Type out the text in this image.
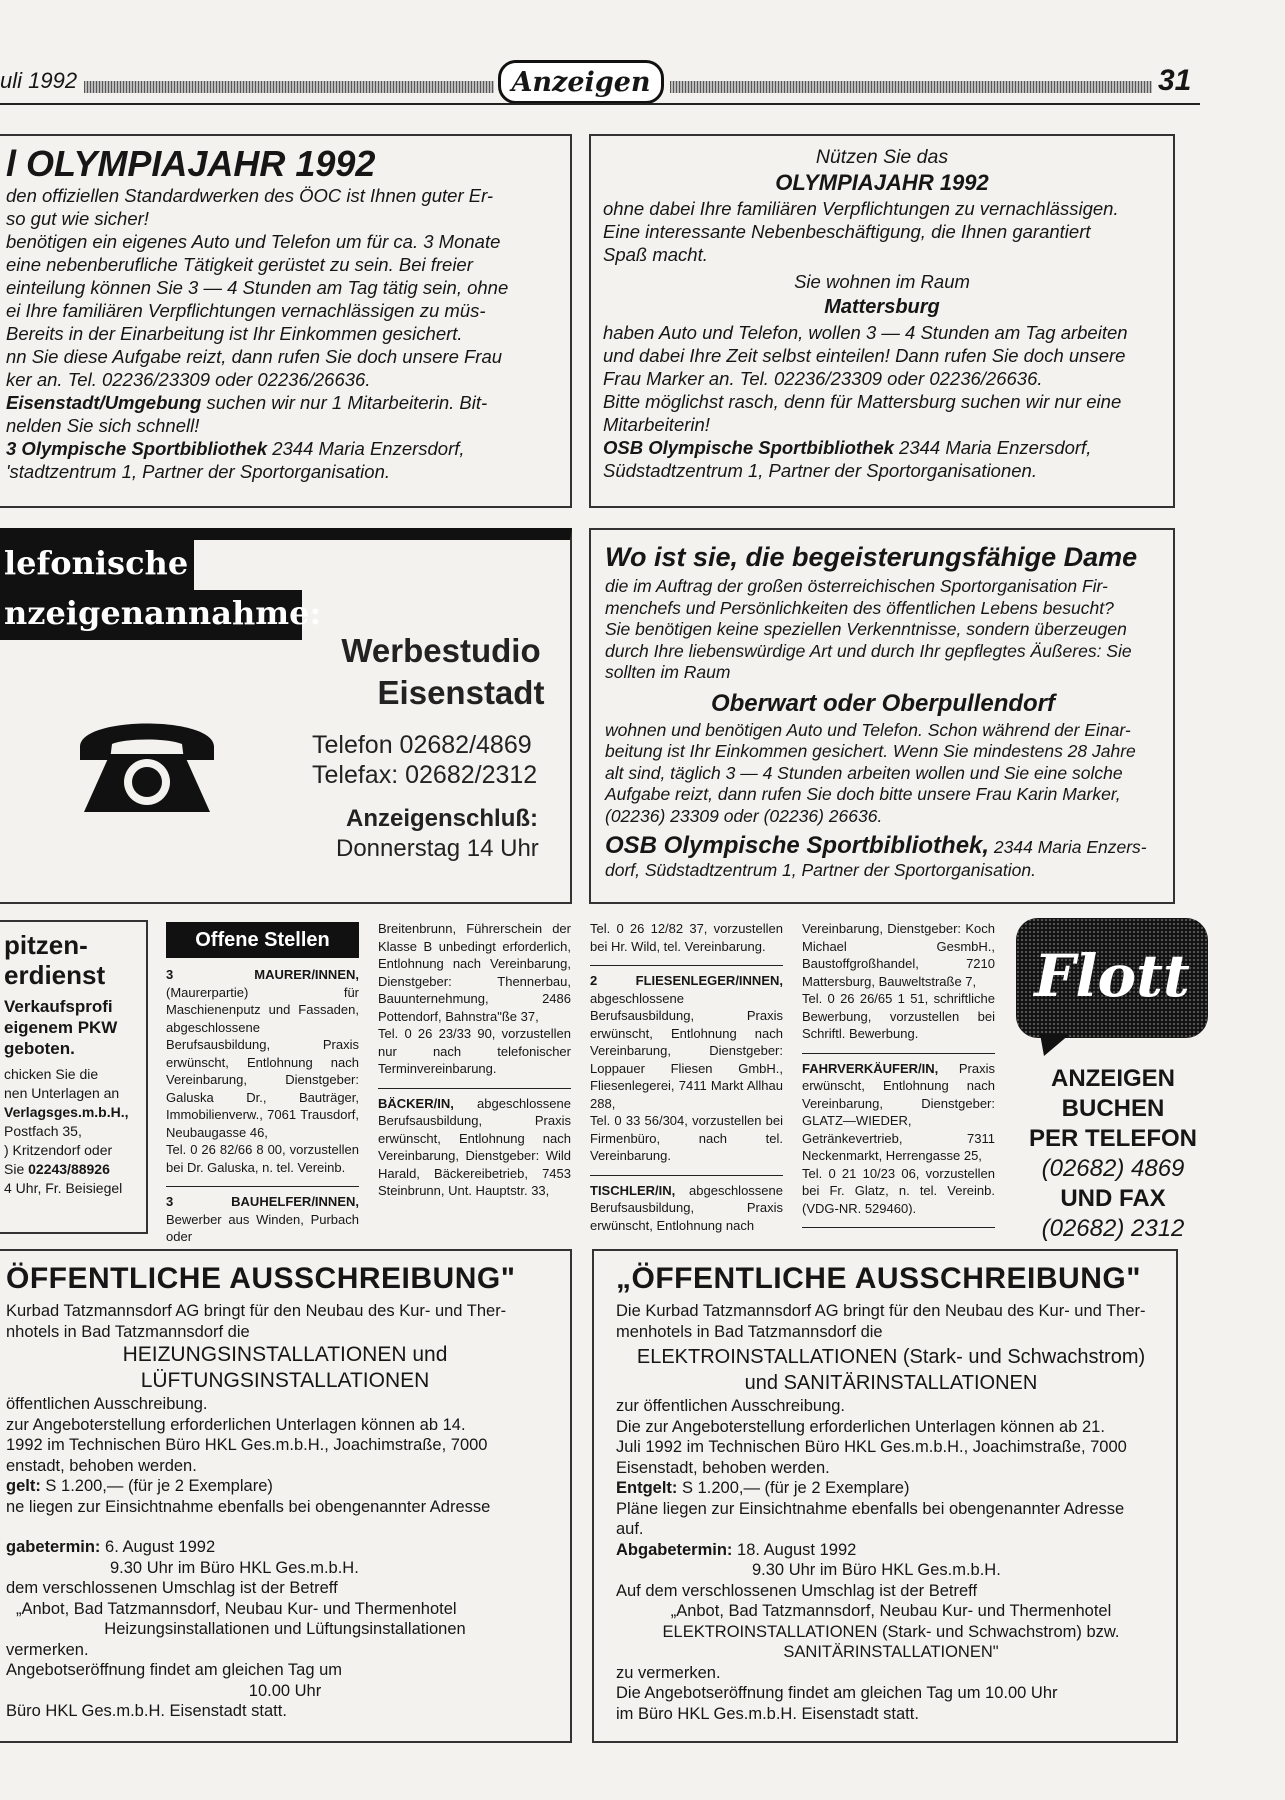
uli 1992	Anzeigen	31

l OLYMPIAJAHR 1992

den offiziellen Standardwerken des ÖOC ist Ihnen guter Er-

so gut wie sicher!

benötigen ein eigenes Auto und Telefon um für ca. 3 Monate

eine nebenberufliche Tätigkeit gerüstet zu sein. Bei freier

einteilung können Sie 3 — 4 Stunden am Tag tätig sein, ohne

ei Ihre familiären Verpflichtungen vernachlässigen zu müs-

Bereits in der Einarbeitung ist Ihr Einkommen gesichert.

nn Sie diese Aufgabe reizt, dann rufen Sie doch unsere Frau

ker an. Tel. 02236/23309 oder 02236/26636.

Eisenstadt/Umgebung suchen wir nur 1 Mitarbeiterin. Bit-

nelden Sie sich schnell!

3 Olympische Sportbibliothek 2344 Maria Enzersdorf,

'stadtzentrum 1, Partner der Sportorganisation.

Nützen Sie das

OLYMPIAJAHR 1992

ohne dabei Ihre familiären Verpflichtungen zu vernachlässigen.

Eine interessante Nebenbeschäftigung, die Ihnen garantiert

Spaß macht.

Sie wohnen im Raum

Mattersburg

haben Auto und Telefon, wollen 3 — 4 Stunden am Tag arbeiten

und dabei Ihre Zeit selbst einteilen! Dann rufen Sie doch unsere

Frau Marker an. Tel. 02236/23309 oder 02236/26636.

Bitte möglichst rasch, denn für Mattersburg suchen wir nur eine

Mitarbeiterin!

OSB Olympische Sportbibliothek 2344 Maria Enzersdorf,

Südstadtzentrum 1, Partner der Sportorganisationen.

lefonische
nzeigenannahme:
Werbestudio
Eisenstadt
Telefon 02682/4869
Telefax: 02682/2312
Anzeigenschluß:
Donnerstag 14 Uhr

Wo ist sie, die begeisterungsfähige Dame

die im Auftrag der großen österreichischen Sportorganisation Fir-

menchefs und Persönlichkeiten des öffentlichen Lebens besucht?

Sie benötigen keine speziellen Verkenntnisse, sondern überzeugen

durch Ihre liebenswürdige Art und durch Ihr gepflegtes Äußeres: Sie

sollten im Raum

Oberwart oder Oberpullendorf

wohnen und benötigen Auto und Telefon. Schon während der Einar-

beitung ist Ihr Einkommen gesichert. Wenn Sie mindestens 28 Jahre

alt sind, täglich 3 — 4 Stunden arbeiten wollen und Sie eine solche

Aufgabe reizt, dann rufen Sie doch bitte unsere Frau Karin Marker,

(02236) 23309 oder (02236) 26636.

OSB Olympische Sportbibliothek, 2344 Maria Enzers-

dorf, Südstadtzentrum 1, Partner der Sportorganisation.

pitzen-
erdienst
Verkaufsprofi
eigenem PKW
geboten.
chicken Sie die
nen Unterlagen an
Verlagsges.m.b.H.,
Postfach 35,
) Kritzendorf oder
Sie 02243/88926
4 Uhr, Fr. Beisiegel
Offene Stellen

3 MAURER/INNEN, (Maurerpartie) für Maschienenputz und Fassaden, abgeschlossene Berufsausbildung, Praxis erwünscht, Entlohnung nach Vereinbarung, Dienstgeber: Galuska Dr., Bauträger, Immobilienverw., 7061 Trausdorf, Neubaugasse 46,
Tel. 0 26 82/66 8 00, vorzustellen bei Dr. Galuska, n. tel. Vereinb.

3 BAUHELFER/INNEN, Bewerber aus Winden, Purbach oder

Breitenbrunn, Führerschein der Klasse B unbedingt erforderlich, Entlohnung nach Vereinbarung, Dienstgeber: Thennerbau, Bauunternehmung, 2486 Pottendorf, Bahnstra"ße 37,
Tel. 0 26 23/33 90, vorzustellen nur nach telefonischer Terminvereinbarung.

BÄCKER/IN, abgeschlossene Berufsausbildung, Praxis erwünscht, Entlohnung nach Vereinbarung, Dienstgeber: Wild Harald, Bäckereibetrieb, 7453 Steinbrunn, Unt. Hauptstr. 33,

Tel. 0 26 12/82 37, vorzustellen bei Hr. Wild, tel. Vereinbarung.

2 FLIESENLEGER/INNEN, abgeschlossene Berufsausbildung, Praxis erwünscht, Entlohnung nach Vereinbarung, Dienstgeber: Loppauer Fliesen GmbH., Fliesenlegerei, 7411 Markt Allhau 288,
Tel. 0 33 56/304, vorzustellen bei Firmenbüro, nach tel. Vereinbarung.

TISCHLER/IN, abgeschlossene Berufsausbildung, Praxis erwünscht, Entlohnung nach

Vereinbarung, Dienstgeber: Koch Michael GesmbH., Baustoffgroßhandel, 7210 Mattersburg, Bauweltstraße 7,
Tel. 0 26 26/65 1 51, schriftliche Bewerbung, vorzustellen bei Schriftl. Bewerbung.

FAHRVERKÄUFER/IN, Praxis erwünscht, Entlohnung nach Vereinbarung, Dienstgeber: GLATZ—WIEDER, Getränkevertrieb, 7311 Neckenmarkt, Herrengasse 25,
Tel. 0 21 10/23 06, vorzustellen bei Fr. Glatz, n. tel. Vereinb. (VDG-NR. 529460).

Flott
ANZEIGEN
BUCHEN
PER TELEFON
(02682) 4869
UND FAX
(02682) 2312

ÖFFENTLICHE AUSSCHREIBUNG"

Kurbad Tatzmannsdorf AG bringt für den Neubau des Kur- und Ther-

nhotels in Bad Tatzmannsdorf die

HEIZUNGSINSTALLATIONEN und

LÜFTUNGSINSTALLATIONEN

öffentlichen Ausschreibung.

zur Angeboterstellung erforderlichen Unterlagen können ab 14.

1992 im Technischen Büro HKL Ges.m.b.H., Joachimstraße, 7000

enstadt, behoben werden.

gelt: S 1.200,— (für je 2 Exemplare)

ne liegen zur Einsichtnahme ebenfalls bei obengenannter Adresse

gabetermin: 6. August 1992

9.30 Uhr im Büro HKL Ges.m.b.H.

dem verschlossenen Umschlag ist der Betreff

„Anbot, Bad Tatzmannsdorf, Neubau Kur- und Thermenhotel

Heizungsinstallationen und Lüftungsinstallationen

vermerken.

Angebotseröffnung findet am gleichen Tag um

10.00 Uhr

Büro HKL Ges.m.b.H. Eisenstadt statt.

„ÖFFENTLICHE AUSSCHREIBUNG"

Die Kurbad Tatzmannsdorf AG bringt für den Neubau des Kur- und Ther-

menhotels in Bad Tatzmannsdorf die

ELEKTROINSTALLATIONEN (Stark- und Schwachstrom)

und SANITÄRINSTALLATIONEN

zur öffentlichen Ausschreibung.

Die zur Angeboterstellung erforderlichen Unterlagen können ab 21.

Juli 1992 im Technischen Büro HKL Ges.m.b.H., Joachimstraße, 7000

Eisenstadt, behoben werden.

Entgelt: S 1.200,— (für je 2 Exemplare)

Pläne liegen zur Einsichtnahme ebenfalls bei obengenannter Adresse

auf.

Abgabetermin: 18. August 1992

9.30 Uhr im Büro HKL Ges.m.b.H.

Auf dem verschlossenen Umschlag ist der Betreff

„Anbot, Bad Tatzmannsdorf, Neubau Kur- und Thermenhotel

ELEKTROINSTALLATIONEN (Stark- und Schwachstrom) bzw.

SANITÄRINSTALLATIONEN"

zu vermerken.

Die Angebotseröffnung findet am gleichen Tag um 10.00 Uhr

im Büro HKL Ges.m.b.H. Eisenstadt statt.
